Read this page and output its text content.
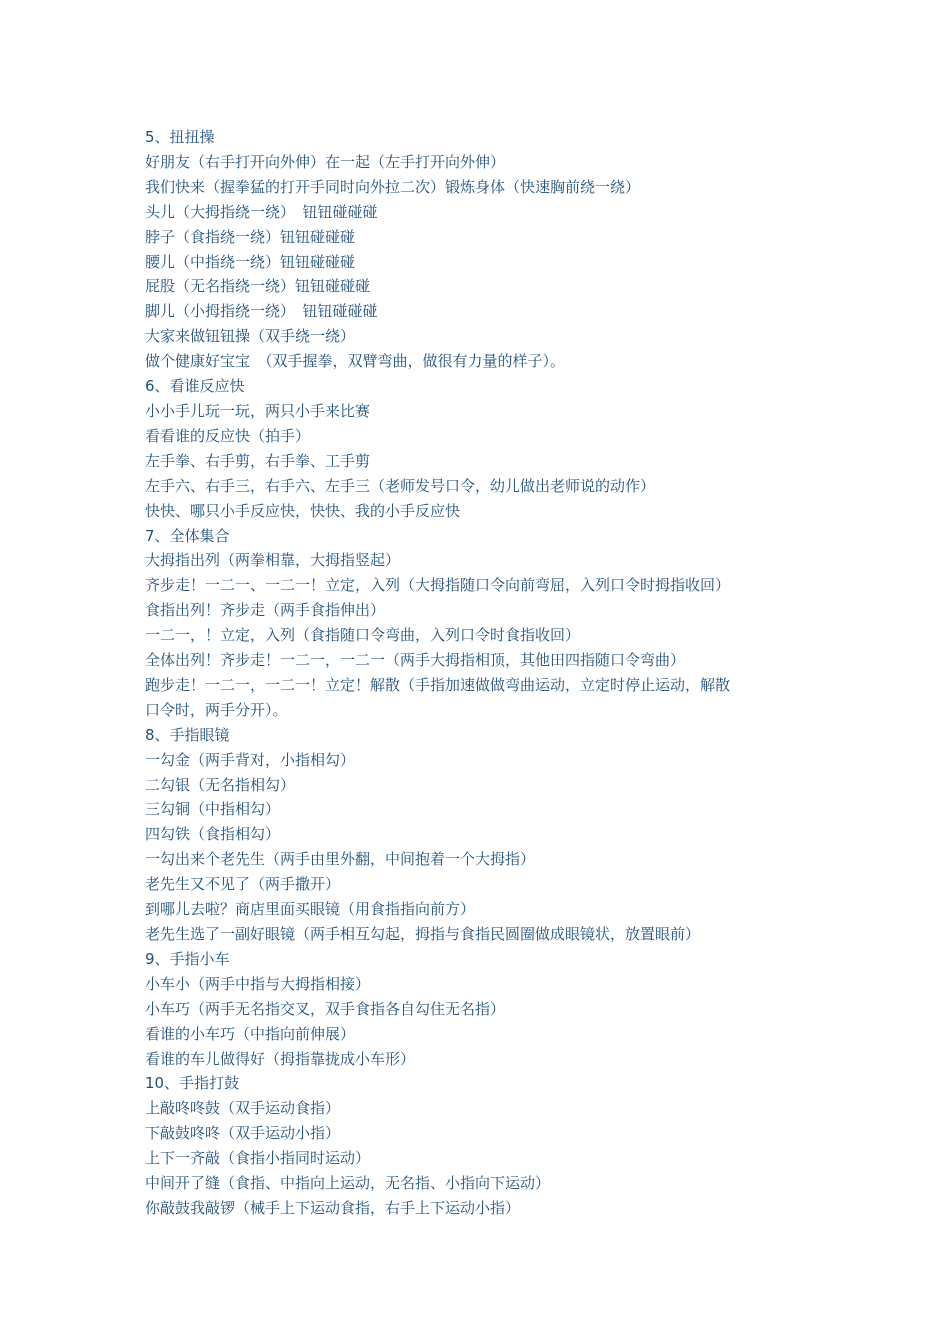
5、扭扭操
好朋友（右手打开向外伸）在一起（左手打开向外伸）
我们快来（握拳猛的打开手同时向外拉二次）锻炼身体（快速胸前绕一绕）
头儿（大拇指绕一绕）　钮钮碰碰碰
脖子（食指绕一绕）钮钮碰碰碰
腰儿（中指绕一绕）钮钮碰碰碰
屁股（无名指绕一绕）钮钮碰碰碰
脚儿（小拇指绕一绕）　钮钮碰碰碰
大家来做钮钮操（双手绕一绕）
做个健康好宝宝　（双手握拳，双臂弯曲，做很有力量的样子）。
6、看谁反应快
小小手儿玩一玩，两只小手来比赛
看看谁的反应快（拍手）
左手拳、右手剪，右手拳、工手剪
左手六、右手三，右手六、左手三（老师发号口令，幼儿做出老师说的动作）
快快、哪只小手反应快，快快、我的小手反应快
7、全体集合
大拇指出列（两拳相靠，大拇指竖起）
齐步走！一二一、一二一！立定，入列（大拇指随口令向前弯屈，入列口令时拇指收回）
食指出列！齐步走（两手食指伸出）
一二一，！立定，入列（食指随口令弯曲，入列口令时食指收回）
全体出列！齐步走！一二一，一二一（两手大拇指相顶，其他田四指随口令弯曲）
跑步走！一二一，一二一！立定！解散（手指加速做做弯曲运动，立定时停止运动，解散
口令时，两手分开）。
8、手指眼镜
一勾金（两手背对，小指相勾）
二勾银（无名指相勾）
三勾铜（中指相勾）
四勾铁（食指相勾）
一勾出来个老先生（两手由里外翻，中间抱着一个大拇指）
老先生又不见了（两手撒开）
到哪儿去啦？商店里面买眼镜（用食指指向前方）
老先生选了一副好眼镜（两手相互勾起，拇指与食指民圆圈做成眼镜状，放置眼前）
9、手指小车
小车小（两手中指与大拇指相接）
小车巧（两手无名指交叉，双手食指各自勾住无名指）
看谁的小车巧（中指向前伸展）
看谁的车儿做得好（拇指靠拢成小车形）
10、手指打鼓
上敲咚咚鼓（双手运动食指）
下敲鼓咚咚（双手运动小指）
上下一齐敲（食指小指同时运动）
中间开了缝（食指、中指向上运动，无名指、小指向下运动）
你敲鼓我敲锣（械手上下运动食指，右手上下运动小指）
